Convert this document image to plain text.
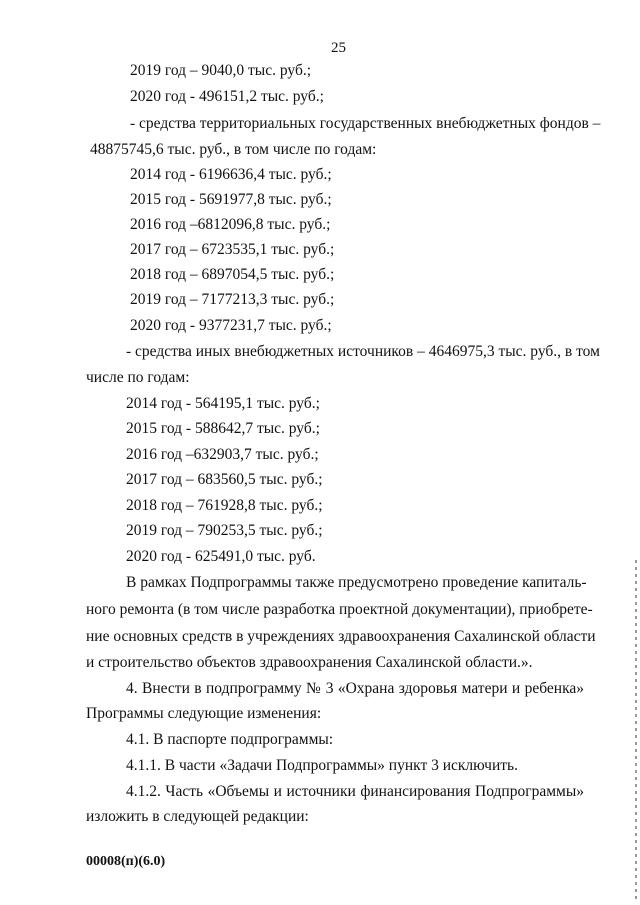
25
2019 год – 9040,0 тыс. руб.;
2020 год - 496151,2 тыс. руб.;
- средства территориальных государственных внебюджетных фондов –
48875745,6 тыс. руб., в том числе по годам:
2014 год - 6196636,4 тыс. руб.;
2015 год - 5691977,8 тыс. руб.;
2016 год –6812096,8 тыс. руб.;
2017 год – 6723535,1 тыс. руб.;
2018 год – 6897054,5 тыс. руб.;
2019 год – 7177213,3 тыс. руб.;
2020 год - 9377231,7 тыс. руб.;
- средства иных внебюджетных источников – 4646975,3 тыс. руб., в том
числе по годам:
2014 год - 564195,1 тыс. руб.;
2015 год - 588642,7 тыс. руб.;
2016 год –632903,7 тыс. руб.;
2017 год – 683560,5 тыс. руб.;
2018 год – 761928,8 тыс. руб.;
2019 год – 790253,5 тыс. руб.;
2020 год - 625491,0 тыс. руб.
В рамках Подпрограммы также предусмотрено проведение капиталь-
ного ремонта (в том числе разработка проектной документации), приобрете-
ние основных средств в учреждениях здравоохранения Сахалинской области
и строительство объектов здравоохранения Сахалинской области.».
4. Внести в подпрограмму № 3 «Охрана здоровья матери и ребенка»
Программы следующие изменения:
4.1. В паспорте подпрограммы:
4.1.1. В части «Задачи Подпрограммы» пункт 3 исключить.
4.1.2. Часть «Объемы и источники финансирования Подпрограммы»
изложить в следующей редакции:
00008(п)(6.0)
